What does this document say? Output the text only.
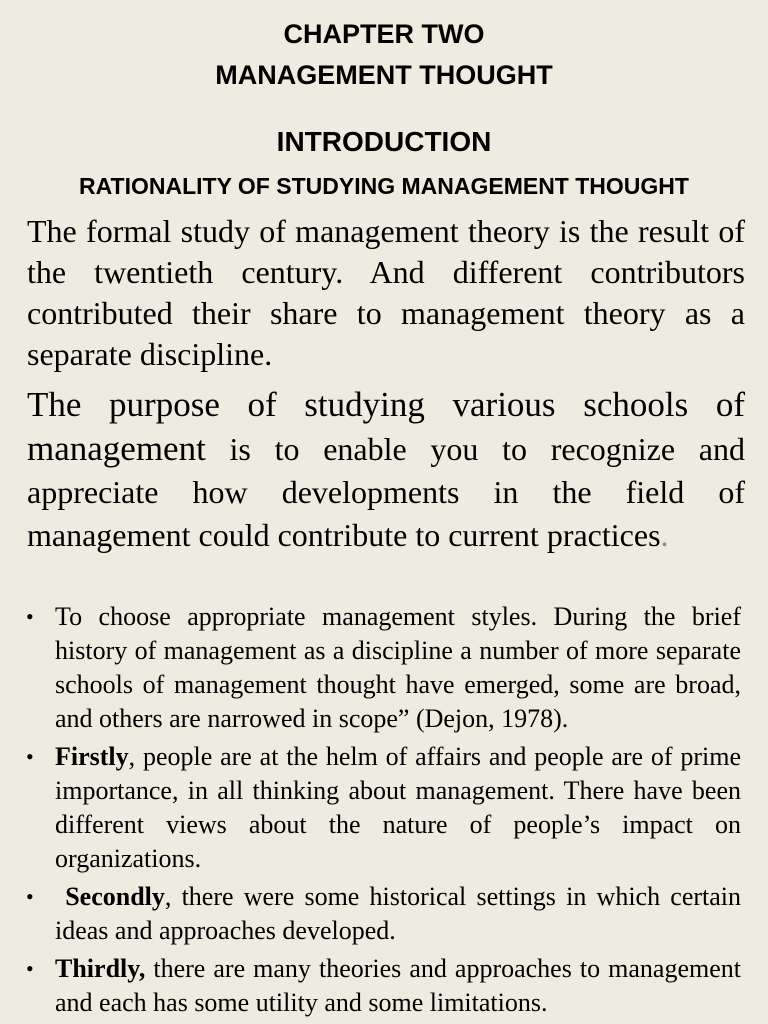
CHAPTER TWO
MANAGEMENT THOUGHT
INTRODUCTION
RATIONALITY OF STUDYING MANAGEMENT THOUGHT

The formal study of management theory is the result of the twentieth century. And different contributors contributed their share to management theory as a separate discipline.

The purpose of studying various schools of management is to enable you to recognize and appreciate how developments in the field of management could contribute to current practices.

• To choose appropriate management styles. During the brief history of management as a discipline a number of more separate schools of management thought have emerged, some are broad, and others are narrowed in scope” (Dejon, 1978).
• Firstly, people are at the helm of affairs and people are of prime importance, in all thinking about management. There have been different views about the nature of people’s impact on organizations.
• Secondly, there were some historical settings in which certain ideas and approaches developed.
• Thirdly, there are many theories and approaches to management and each has some utility and some limitations.
